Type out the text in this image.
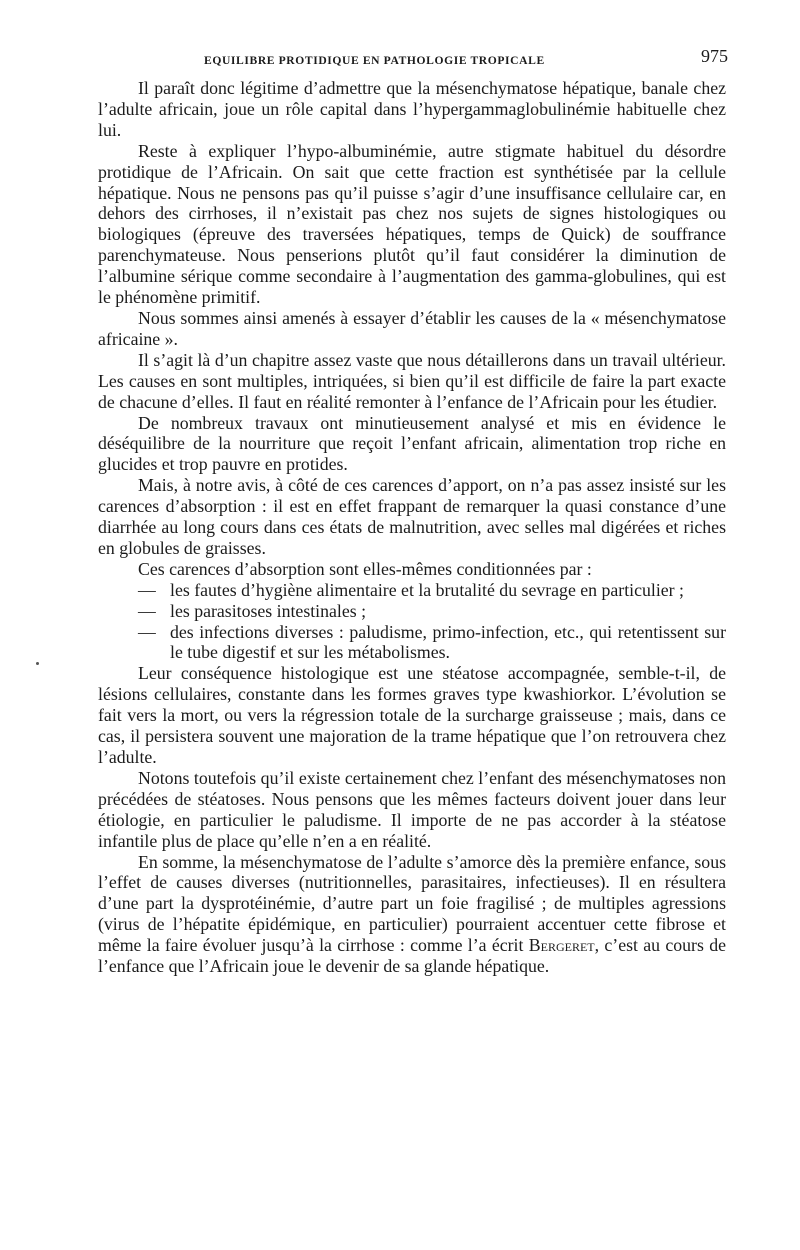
EQUILIBRE PROTIDIQUE EN PATHOLOGIE TROPICALE	975

Il paraît donc légitime d’admettre que la mésenchymatose hépatique, banale chez l’adulte africain, joue un rôle capital dans l’hypergammaglobulinémie habituelle chez lui.

Reste à expliquer l’hypo-albuminémie, autre stigmate habituel du désordre protidique de l’Africain. On sait que cette fraction est synthétisée par la cellule hépatique. Nous ne pensons pas qu’il puisse s’agir d’une insuffisance cellulaire car, en dehors des cirrhoses, il n’existait pas chez nos sujets de signes histologiques ou biologiques (épreuve des traversées hépatiques, temps de Quick) de souffrance parenchymateuse. Nous penserions plutôt qu’il faut considérer la diminution de l’albumine sérique comme secondaire à l’augmentation des gamma-globulines, qui est le phénomène primitif.

Nous sommes ainsi amenés à essayer d’établir les causes de la « mésenchymatose africaine ».

Il s’agit là d’un chapitre assez vaste que nous détaillerons dans un travail ultérieur. Les causes en sont multiples, intriquées, si bien qu’il est difficile de faire la part exacte de chacune d’elles. Il faut en réalité remonter à l’enfance de l’Africain pour les étudier.

De nombreux travaux ont minutieusement analysé et mis en évidence le déséquilibre de la nourriture que reçoit l’enfant africain, alimentation trop riche en glucides et trop pauvre en protides.

Mais, à notre avis, à côté de ces carences d’apport, on n’a pas assez insisté sur les carences d’absorption : il est en effet frappant de remarquer la quasi constance d’une diarrhée au long cours dans ces états de malnutrition, avec selles mal digérées et riches en globules de graisses.

Ces carences d’absorption sont elles-mêmes conditionnées par :

— les fautes d’hygiène alimentaire et la brutalité du sevrage en particulier ;
— les parasitoses intestinales ;
— des infections diverses : paludisme, primo-infection, etc., qui retentissent sur le tube digestif et sur les métabolismes.

Leur conséquence histologique est une stéatose accompagnée, semble-t-il, de lésions cellulaires, constante dans les formes graves type kwashiorkor. L’évolution se fait vers la mort, ou vers la régression totale de la surcharge graisseuse ; mais, dans ce cas, il persistera souvent une majoration de la trame hépatique que l’on retrouvera chez l’adulte.

Notons toutefois qu’il existe certainement chez l’enfant des mésenchymatoses non précédées de stéatoses. Nous pensons que les mêmes facteurs doivent jouer dans leur étiologie, en particulier le paludisme. Il importe de ne pas accorder à la stéatose infantile plus de place qu’elle n’en a en réalité.

En somme, la mésenchymatose de l’adulte s’amorce dès la première enfance, sous l’effet de causes diverses (nutritionnelles, parasitaires, infectieuses). Il en résultera d’une part la dysprotéinémie, d’autre part un foie fragilisé ; de multiples agressions (virus de l’hépatite épidémique, en particulier) pourraient accentuer cette fibrose et même la faire évoluer jusqu’à la cirrhose : comme l’a écrit Bergeret, c’est au cours de l’enfance que l’Africain joue le devenir de sa glande hépatique.
